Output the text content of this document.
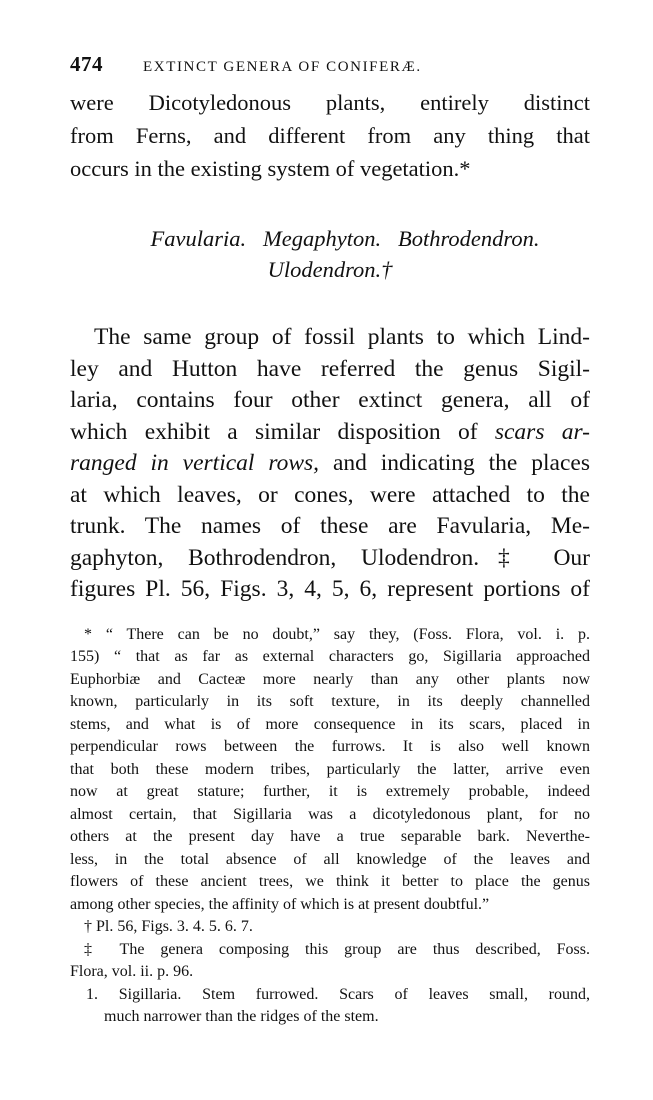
474	EXTINCT GENERA OF CONIFERÆ.

were Dicotyledonous plants, entirely distinct
from Ferns, and different from any thing that
occurs in the existing system of vegetation.*

Favularia.   Megaphyton.   Bothrodendron.
Ulodendron.†

The same group of fossil plants to which Lind-
ley and Hutton have referred the genus Sigil-
laria, contains four other extinct genera, all of
which exhibit a similar disposition of scars ar-
ranged in vertical rows, and indicating the places
at which leaves, or cones, were attached to the
trunk. The names of these are Favularia, Me-
gaphyton, Bothrodendron, Ulodendron.‡ Our
figures Pl. 56, Figs. 3, 4, 5, 6, represent portions of

* “ There can be no doubt,” say they, (Foss. Flora, vol. i. p.
155) “ that as far as external characters go, Sigillaria approached
Euphorbiæ and Cacteæ more nearly than any other plants now
known, particularly in its soft texture, in its deeply channelled
stems, and what is of more consequence in its scars, placed in
perpendicular rows between the furrows. It is also well known
that both these modern tribes, particularly the latter, arrive even
now at great stature; further, it is extremely probable, indeed
almost certain, that Sigillaria was a dicotyledonous plant, for no
others at the present day have a true separable bark. Neverthe-
less, in the total absence of all knowledge of the leaves and
flowers of these ancient trees, we think it better to place the genus
among other species, the affinity of which is at present doubtful.”
† Pl. 56, Figs. 3. 4. 5. 6. 7.
‡ The genera composing this group are thus described, Foss.
Flora, vol. ii. p. 96.
1. Sigillaria. Stem furrowed. Scars of leaves small, round,
much narrower than the ridges of the stem.
